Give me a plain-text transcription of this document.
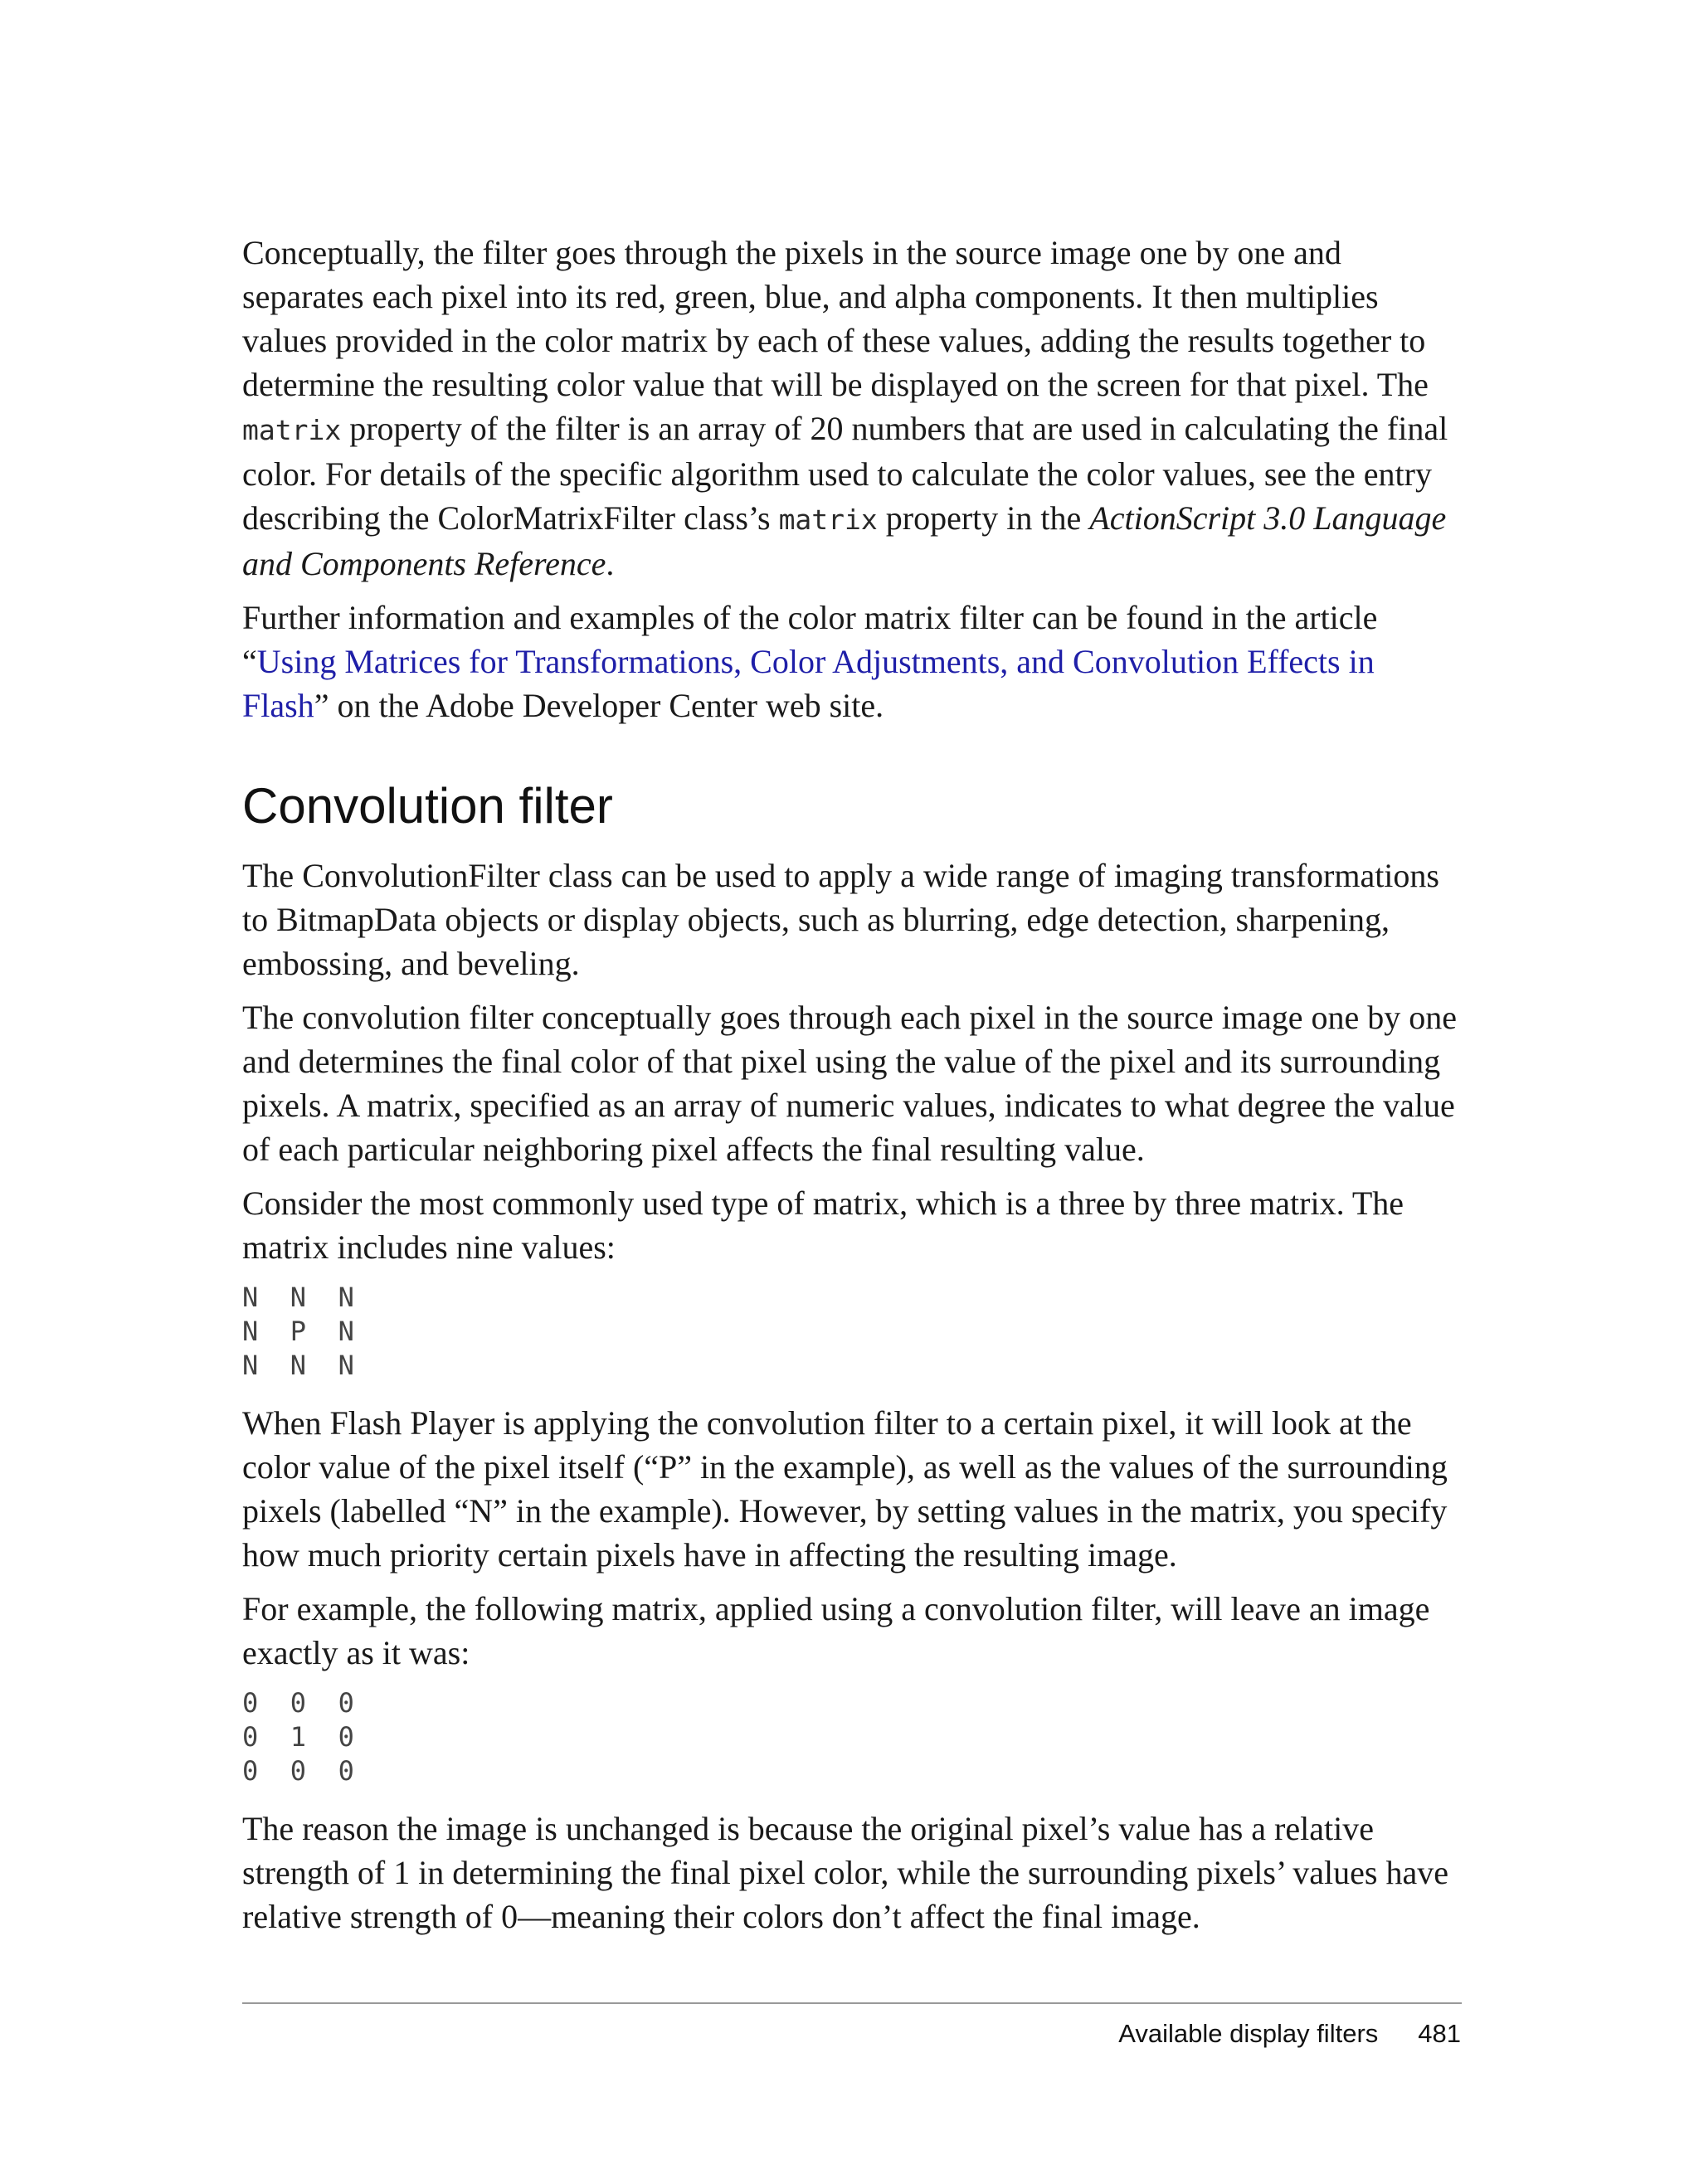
Conceptually, the filter goes through the pixels in the source image one by one and separates each pixel into its red, green, blue, and alpha components. It then multiplies values provided in the color matrix by each of these values, adding the results together to determine the resulting color value that will be displayed on the screen for that pixel. The matrix property of the filter is an array of 20 numbers that are used in calculating the final color. For details of the specific algorithm used to calculate the color values, see the entry describing the ColorMatrixFilter class’s matrix property in the ActionScript 3.0 Language and Components Reference.

Further information and examples of the color matrix filter can be found in the article “Using Matrices for Transformations, Color Adjustments, and Convolution Effects in Flash” on the Adobe Developer Center web site.

Convolution filter

The ConvolutionFilter class can be used to apply a wide range of imaging transformations to BitmapData objects or display objects, such as blurring, edge detection, sharpening, embossing, and beveling.

The convolution filter conceptually goes through each pixel in the source image one by one and determines the final color of that pixel using the value of the pixel and its surrounding pixels. A matrix, specified as an array of numeric values, indicates to what degree the value of each particular neighboring pixel affects the final resulting value.

Consider the most commonly used type of matrix, which is a three by three matrix. The matrix includes nine values:

N  N  N
N  P  N
N  N  N

When Flash Player is applying the convolution filter to a certain pixel, it will look at the color value of the pixel itself (“P” in the example), as well as the values of the surrounding pixels (labelled “N” in the example). However, by setting values in the matrix, you specify how much priority certain pixels have in affecting the resulting image.

For example, the following matrix, applied using a convolution filter, will leave an image exactly as it was:

0  0  0
0  1  0
0  0  0

The reason the image is unchanged is because the original pixel’s value has a relative strength of 1 in determining the final pixel color, while the surrounding pixels’ values have relative strength of 0—meaning their colors don’t affect the final image.

Available display filters 481
